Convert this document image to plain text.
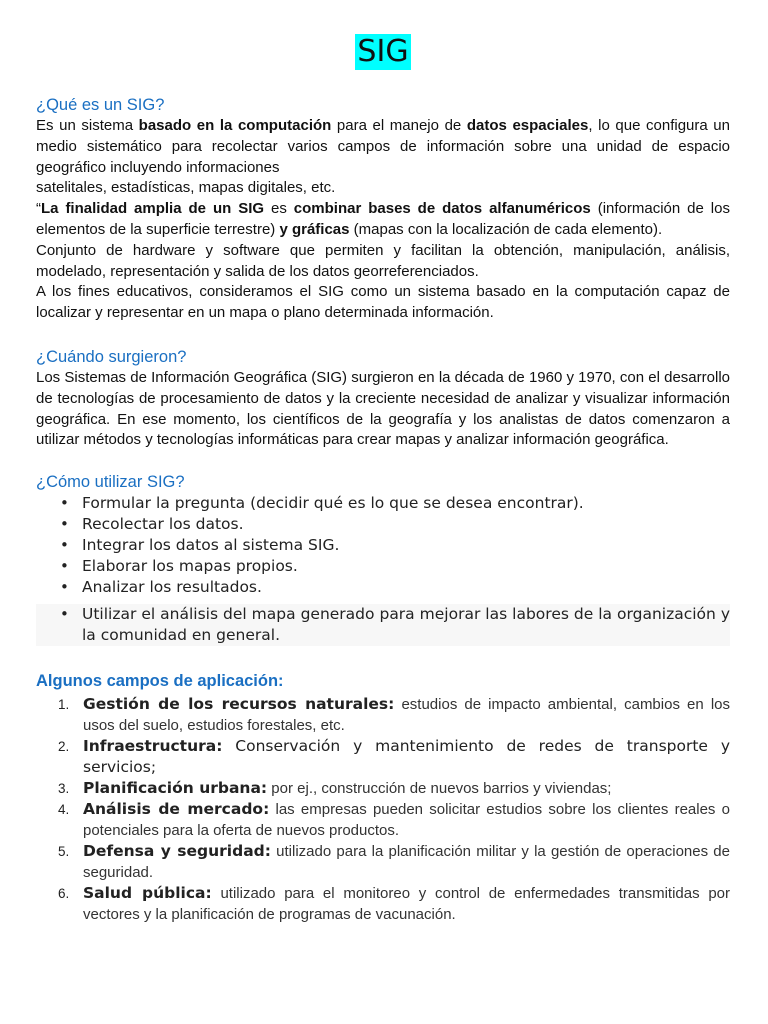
SIG
¿Qué es un SIG?

Es un sistema basado en la computación para el manejo de datos espaciales, lo que configura un medio sistemático para recolectar varios campos de información sobre una unidad de espacio geográfico incluyendo informaciones

satelitales, estadísticas, mapas digitales, etc.

“La finalidad amplia de un SIG es combinar bases de datos alfanuméricos (información de los elementos de la superficie terrestre) y gráficas (mapas con la localización de cada elemento).

Conjunto de hardware y software que permiten y facilitan la obtención, manipulación, análisis, modelado, representación y salida de los datos georreferenciados.

A los fines educativos, consideramos el SIG como un sistema basado en la computación capaz de localizar y representar en un mapa o plano determinada información.

¿Cuándo surgieron?

Los Sistemas de Información Geográfica (SIG) surgieron en la década de 1960 y 1970, con el desarrollo de tecnologías de procesamiento de datos y la creciente necesidad de analizar y visualizar información geográfica. En ese momento, los científicos de la geografía y los analistas de datos comenzaron a utilizar métodos y tecnologías informáticas para crear mapas y analizar información geográfica.

¿Cómo utilizar SIG?
• Formular la pregunta (decidir qué es lo que se desea encontrar).
• Recolectar los datos.
• Integrar los datos al sistema SIG.
• Elaborar los mapas propios.
• Analizar los resultados.
• Utilizar el análisis del mapa generado para mejorar las labores de la organización y la comunidad en general.
Algunos campos de aplicación:
1. Gestión de los recursos naturales: estudios de impacto ambiental, cambios en los usos del suelo, estudios forestales, etc.
2. Infraestructura: Conservación y mantenimiento de redes de transporte y servicios;
3. Planificación urbana: por ej., construcción de nuevos barrios y viviendas;
4. Análisis de mercado: las empresas pueden solicitar estudios sobre los clientes reales o potenciales para la oferta de nuevos productos.
5. Defensa y seguridad: utilizado para la planificación militar y la gestión de operaciones de seguridad.
6. Salud pública: utilizado para el monitoreo y control de enfermedades transmitidas por vectores y la planificación de programas de vacunación.
